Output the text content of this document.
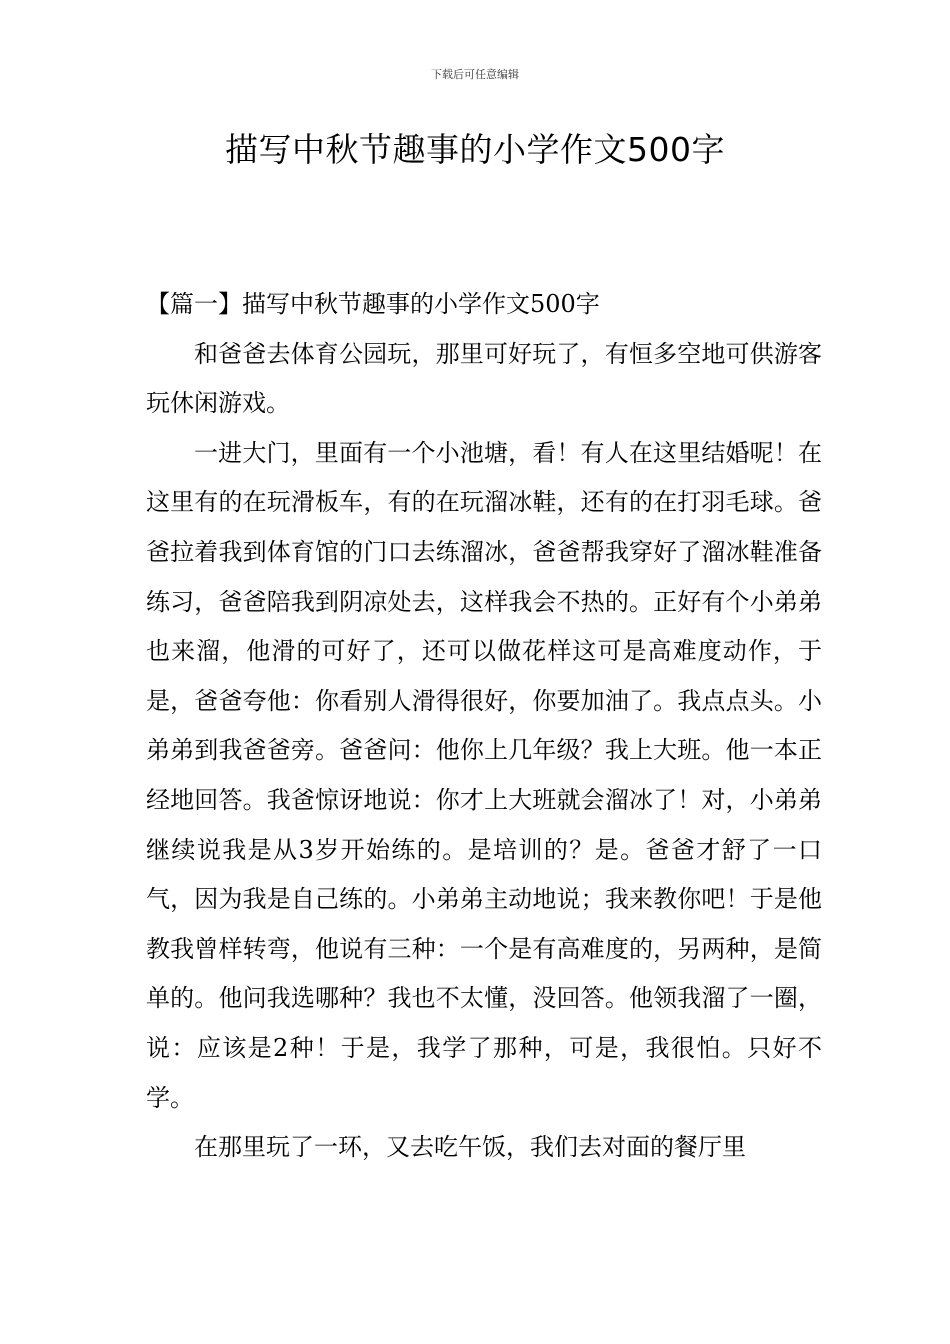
下载后可任意编辑
描写中秋节趣事的小学作文500字

【篇一】描写中秋节趣事的小学作文500字

和爸爸去体育公园玩，那里可好玩了，有恒多空地可供游客玩休闲游戏。

一进大门，里面有一个小池塘，看！有人在这里结婚呢！在这里有的在玩滑板车，有的在玩溜冰鞋，还有的在打羽毛球。爸爸拉着我到体育馆的门口去练溜冰，爸爸帮我穿好了溜冰鞋准备练习，爸爸陪我到阴凉处去，这样我会不热的。正好有个小弟弟也来溜，他滑的可好了，还可以做花样这可是高难度动作，于是，爸爸夸他：你看别人滑得很好，你要加油了。我点点头。小弟弟到我爸爸旁。爸爸问：他你上几年级？我上大班。他一本正经地回答。我爸惊讶地说：你才上大班就会溜冰了！对，小弟弟继续说我是从3岁开始练的。是培训的？是。爸爸才舒了一口气，因为我是自己练的。小弟弟主动地说；我来教你吧！于是他教我曾样转弯，他说有三种：一个是有高难度的，另两种，是简单的。他问我选哪种？我也不太懂，没回答。他领我溜了一圈，说：应该是2种！于是，我学了那种，可是，我很怕。只好不学。

在那里玩了一环，又去吃午饭，我们去对面的餐厅里
